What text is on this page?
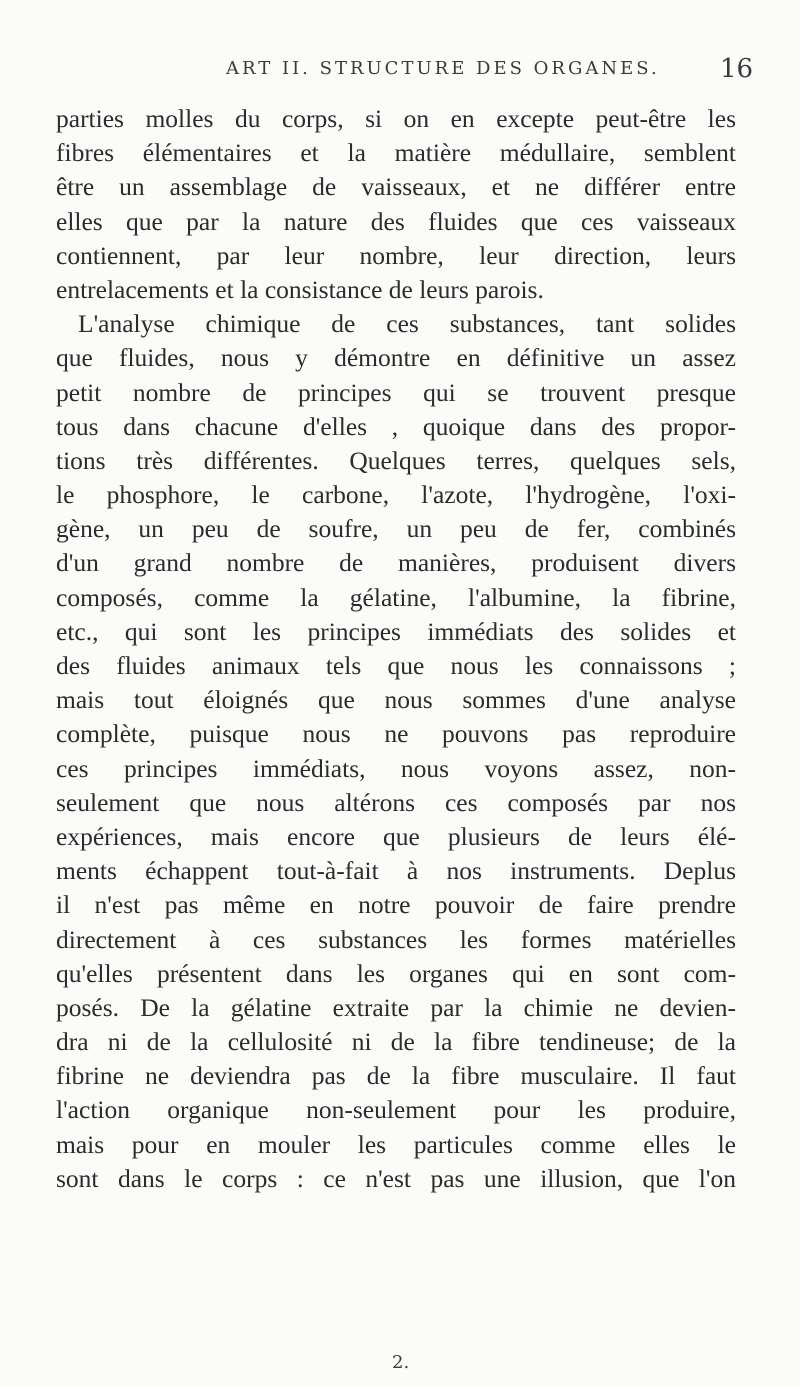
ART II. STRUCTURE DES ORGANES. 16
parties molles du corps, si on en excepte peut-être les
fibres élémentaires et la matière médullaire, semblent
être un assemblage de vaisseaux, et ne différer entre
elles que par la nature des fluides que ces vaisseaux
contiennent, par leur nombre, leur direction, leurs
entrelacements et la consistance de leurs parois.
L'analyse chimique de ces substances, tant solides
que fluides, nous y démontre en définitive un assez
petit nombre de principes qui se trouvent presque
tous dans chacune d'elles , quoique dans des propor-
tions très différentes. Quelques terres, quelques sels,
le phosphore, le carbone, l'azote, l'hydrogène, l'oxi-
gène, un peu de soufre, un peu de fer, combinés
d'un grand nombre de manières, produisent divers
composés, comme la gélatine, l'albumine, la fibrine,
etc., qui sont les principes immédiats des solides et
des fluides animaux tels que nous les connaissons ;
mais tout éloignés que nous sommes d'une analyse
complète, puisque nous ne pouvons pas reproduire
ces principes immédiats, nous voyons assez, non-
seulement que nous altérons ces composés par nos
expériences, mais encore que plusieurs de leurs élé-
ments échappent tout-à-fait à nos instruments. Deplus
il n'est pas même en notre pouvoir de faire prendre
directement à ces substances les formes matérielles
qu'elles présentent dans les organes qui en sont com-
posés. De la gélatine extraite par la chimie ne devien-
dra ni de la cellulosité ni de la fibre tendineuse; de la
fibrine ne deviendra pas de la fibre musculaire. Il faut
l'action organique non-seulement pour les produire,
mais pour en mouler les particules comme elles le
sont dans le corps : ce n'est pas une illusion, que l'on
2.
